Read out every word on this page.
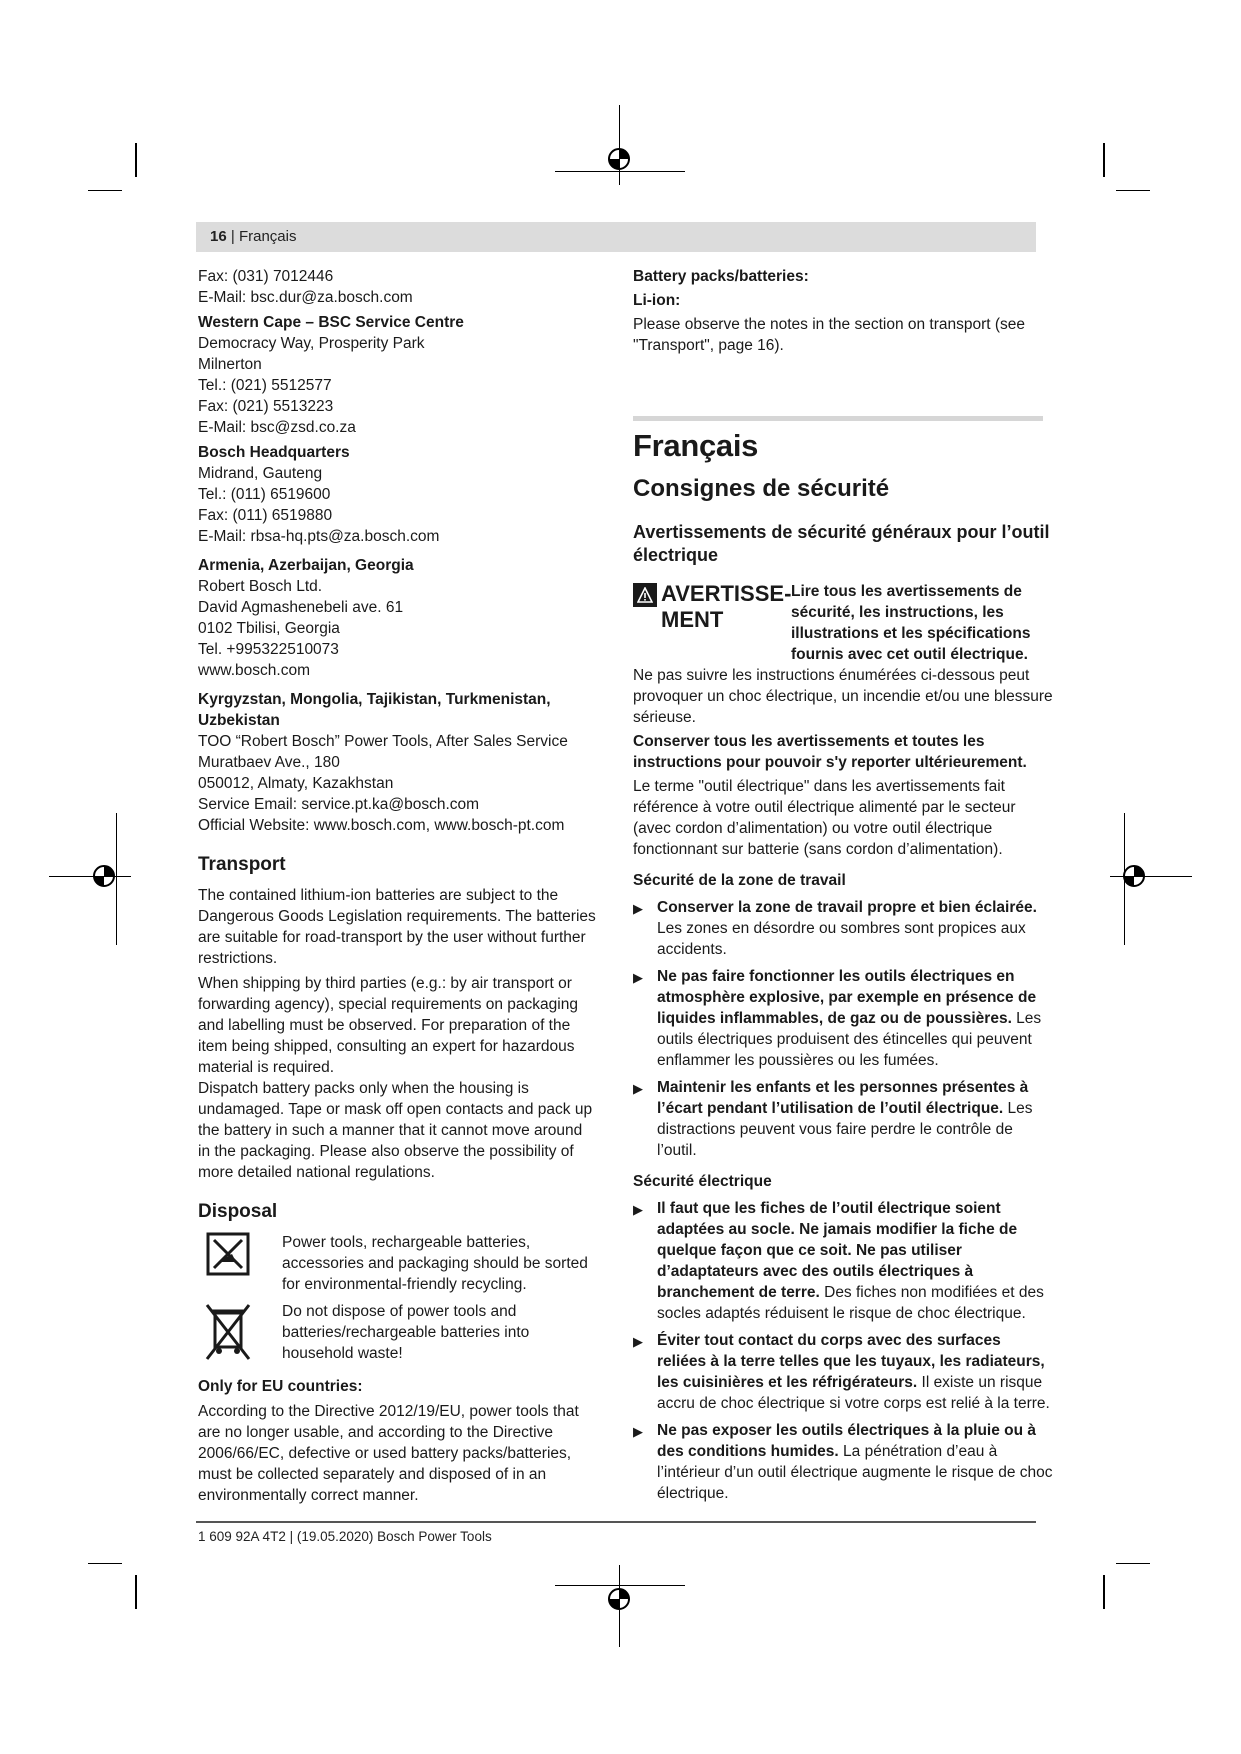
16 | Français
Fax: (031) 7012446
E-Mail: bsc.dur@za.bosch.com
Western Cape – BSC Service Centre
Democracy Way, Prosperity Park
Milnerton
Tel.: (021) 5512577
Fax: (021) 5513223
E-Mail: bsc@zsd.co.za
Bosch Headquarters
Midrand, Gauteng
Tel.: (011) 6519600
Fax: (011) 6519880
E-Mail: rbsa-hq.pts@za.bosch.com
Armenia, Azerbaijan, Georgia
Robert Bosch Ltd.
David Agmashenebeli ave. 61
0102 Tbilisi, Georgia
Tel. +995322510073
www.bosch.com
Kyrgyzstan, Mongolia, Tajikistan, Turkmenistan,
Uzbekistan
TOO “Robert Bosch” Power Tools, After Sales Service
Muratbaev Ave., 180
050012, Almaty, Kazakhstan
Service Email: service.pt.ka@bosch.com
Official Website: www.bosch.com, www.bosch-pt.com
Transport

The contained lithium-ion batteries are subject to the Dangerous Goods Legislation requirements. The batteries are suitable for road-transport by the user without further restrictions.

When shipping by third parties (e.g.: by air transport or forwarding agency), special requirements on packaging and labelling must be observed. For preparation of the item being shipped, consulting an expert for hazardous material is required.

Dispatch battery packs only when the housing is undamaged. Tape or mask off open contacts and pack up the battery in such a manner that it cannot move around in the packaging. Please also observe the possibility of more detailed national regulations.

Disposal

Power tools, rechargeable batteries, accessories and packaging should be sorted for environmental-friendly recycling.

Do not dispose of power tools and batteries/rechargeable batteries into household waste!

Only for EU countries:

According to the Directive 2012/19/EU, power tools that are no longer usable, and according to the Directive 2006/66/EC, defective or used battery packs/batteries, must be collected separately and disposed of in an environmentally correct manner.

Battery packs/batteries:
Li-ion:

Please observe the notes in the section on transport (see "Transport", page 16).

Français
Consignes de sécurité
Avertissements de sécurité généraux pour l’outil électrique
AVERTISSE-
MENT
Lire tous les avertissements de sécurité, les instructions, les illustrations et les spécifications fournis avec cet outil électrique.

Ne pas suivre les instructions énumérées ci-dessous peut provoquer un choc électrique, un incendie et/ou une blessure sérieuse.

Conserver tous les avertissements et toutes les instructions pour pouvoir s'y reporter ultérieurement.

Le terme "outil électrique" dans les avertissements fait référence à votre outil électrique alimenté par le secteur (avec cordon d’alimentation) ou votre outil électrique fonctionnant sur batterie (sans cordon d’alimentation).

Sécurité de la zone de travail
▶ Conserver la zone de travail propre et bien éclairée. Les zones en désordre ou sombres sont propices aux accidents.
▶ Ne pas faire fonctionner les outils électriques en atmosphère explosive, par exemple en présence de liquides inflammables, de gaz ou de poussières. Les outils électriques produisent des étincelles qui peuvent enflammer les poussières ou les fumées.
▶ Maintenir les enfants et les personnes présentes à l’écart pendant l’utilisation de l’outil électrique. Les distractions peuvent vous faire perdre le contrôle de l’outil.
Sécurité électrique
▶ Il faut que les fiches de l’outil électrique soient adaptées au socle. Ne jamais modifier la fiche de quelque façon que ce soit. Ne pas utiliser d’adaptateurs avec des outils électriques à branchement de terre. Des fiches non modifiées et des socles adaptés réduisent le risque de choc électrique.
▶ Éviter tout contact du corps avec des surfaces reliées à la terre telles que les tuyaux, les radiateurs, les cuisinières et les réfrigérateurs. Il existe un risque accru de choc électrique si votre corps est relié à la terre.
▶ Ne pas exposer les outils électriques à la pluie ou à des conditions humides. La pénétration d’eau à l’intérieur d’un outil électrique augmente le risque de choc électrique.
1 609 92A 4T2 | (19.05.2020) Bosch Power Tools
